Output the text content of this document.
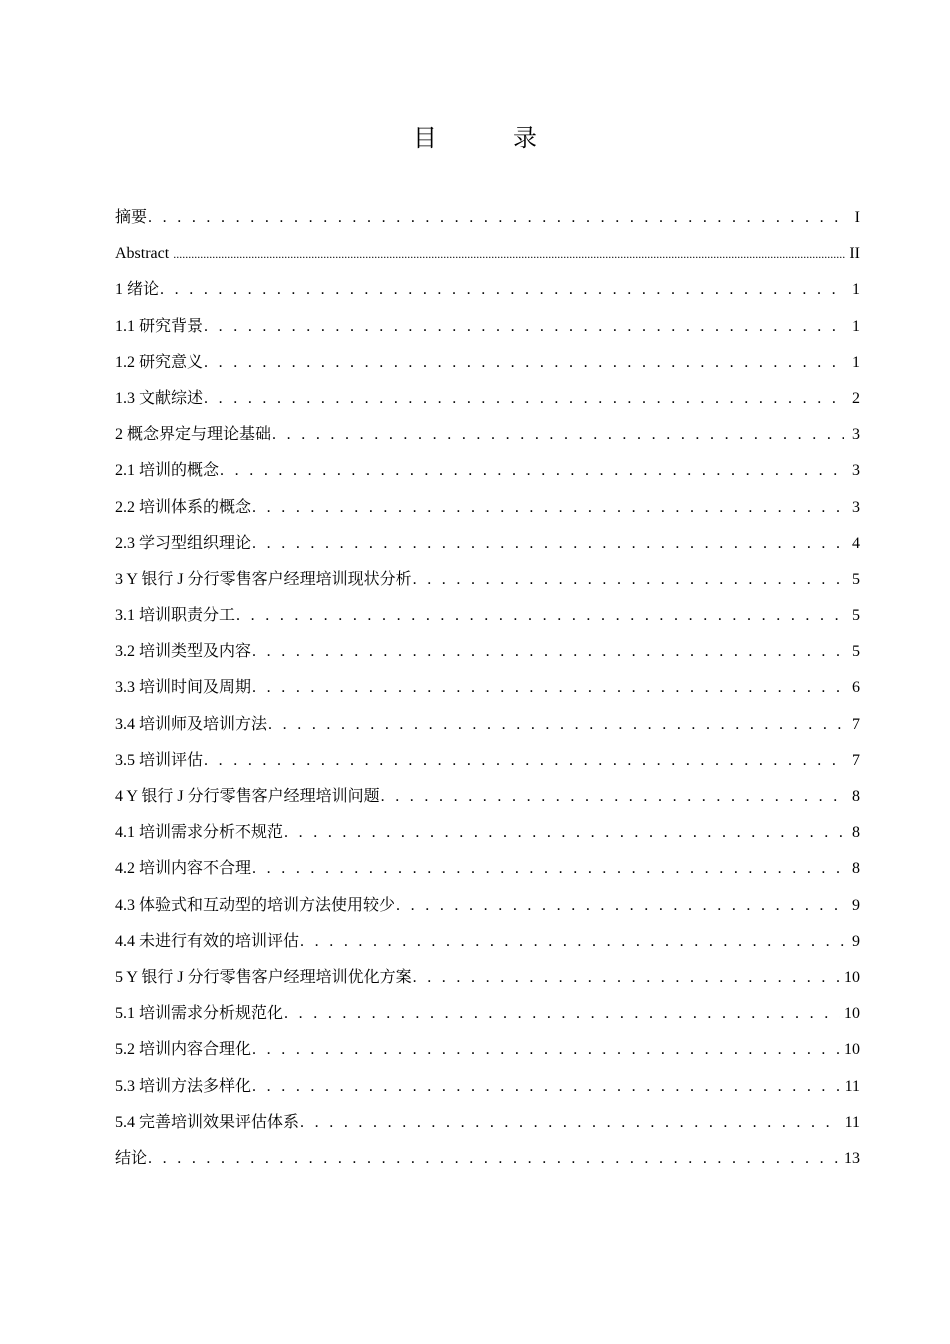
目　录
摘要 . . .	I
Abstract .....	II
1 绪论 . . .	1
1.1 研究背景 . . .	1
1.2 研究意义 . . .	1
1.3 文献综述 . . .	2
2 概念界定与理论基础 . . .	3
2.1 培训的概念 . . .	3
2.2 培训体系的概念 . . .	3
2.3 学习型组织理论 . . .	4
3 Y 银行 J 分行零售客户经理培训现状分析 . . .	5
3.1 培训职责分工 . . .	5
3.2 培训类型及内容 . . .	5
3.3 培训时间及周期 . . .	6
3.4 培训师及培训方法 . . .	7
3.5 培训评估 . . .	7
4 Y 银行 J 分行零售客户经理培训问题 . . .	8
4.1 培训需求分析不规范 . . .	8
4.2 培训内容不合理 . . .	8
4.3 体验式和互动型的培训方法使用较少 . . .	9
4.4 未进行有效的培训评估 . . .	9
5 Y 银行 J 分行零售客户经理培训优化方案 . . .	10
5.1 培训需求分析规范化 . . .	10
5.2 培训内容合理化 . . .	10
5.3 培训方法多样化 . . .	11
5.4 完善培训效果评估体系 . . .	11
结论 . . .	13
